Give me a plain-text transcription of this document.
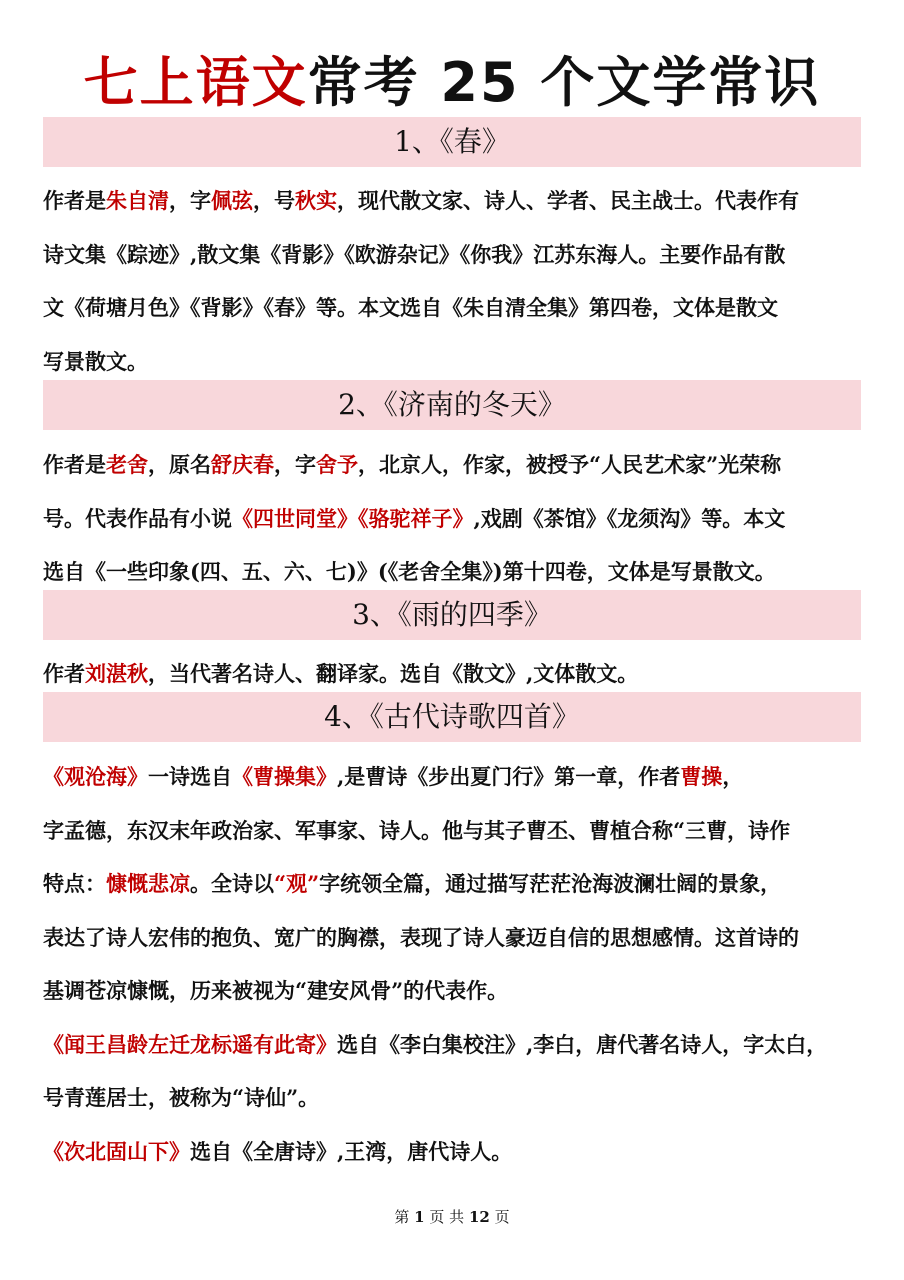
七上语文常考 25 个文学常识
1、《春》
作者是朱自清，字佩弦，号秋实，现代散文家、诗人、学者、民主战士。代表作有
诗文集《踪迹》,散文集《背影》《欧游杂记》《你我》江苏东海人。主要作品有散
文《荷塘月色》《背影》《春》等。本文选自《朱自清全集》第四卷，文体是散文
写景散文。
2、《济南的冬天》
作者是老舍，原名舒庆春，字舍予，北京人，作家，被授予“人民艺术家”光荣称
号。代表作品有小说《四世同堂》《骆驼祥子》,戏剧《茶馆》《龙须沟》等。本文
选自《一些印象(四、五、六、七)》(《老舍全集》)第十四卷，文体是写景散文。
3、《雨的四季》
作者刘湛秋，当代著名诗人、翻译家。选自《散文》,文体散文。
4、《古代诗歌四首》
《观沧海》一诗选自《曹操集》,是曹诗《步出夏门行》第一章，作者曹操，
字孟德，东汉末年政治家、军事家、诗人。他与其子曹丕、曹植合称“三曹，诗作
特点：慷慨悲凉。全诗以“观”字统领全篇，通过描写茫茫沧海波澜壮阔的景象，
表达了诗人宏伟的抱负、宽广的胸襟，表现了诗人豪迈自信的思想感情。这首诗的
基调苍凉慷慨，历来被视为“建安风骨”的代表作。
《闻王昌龄左迁龙标遥有此寄》选自《李白集校注》,李白，唐代著名诗人，字太白，
号青莲居士，被称为“诗仙”。
《次北固山下》选自《全唐诗》,王湾，唐代诗人。
第 1 页 共 12 页
